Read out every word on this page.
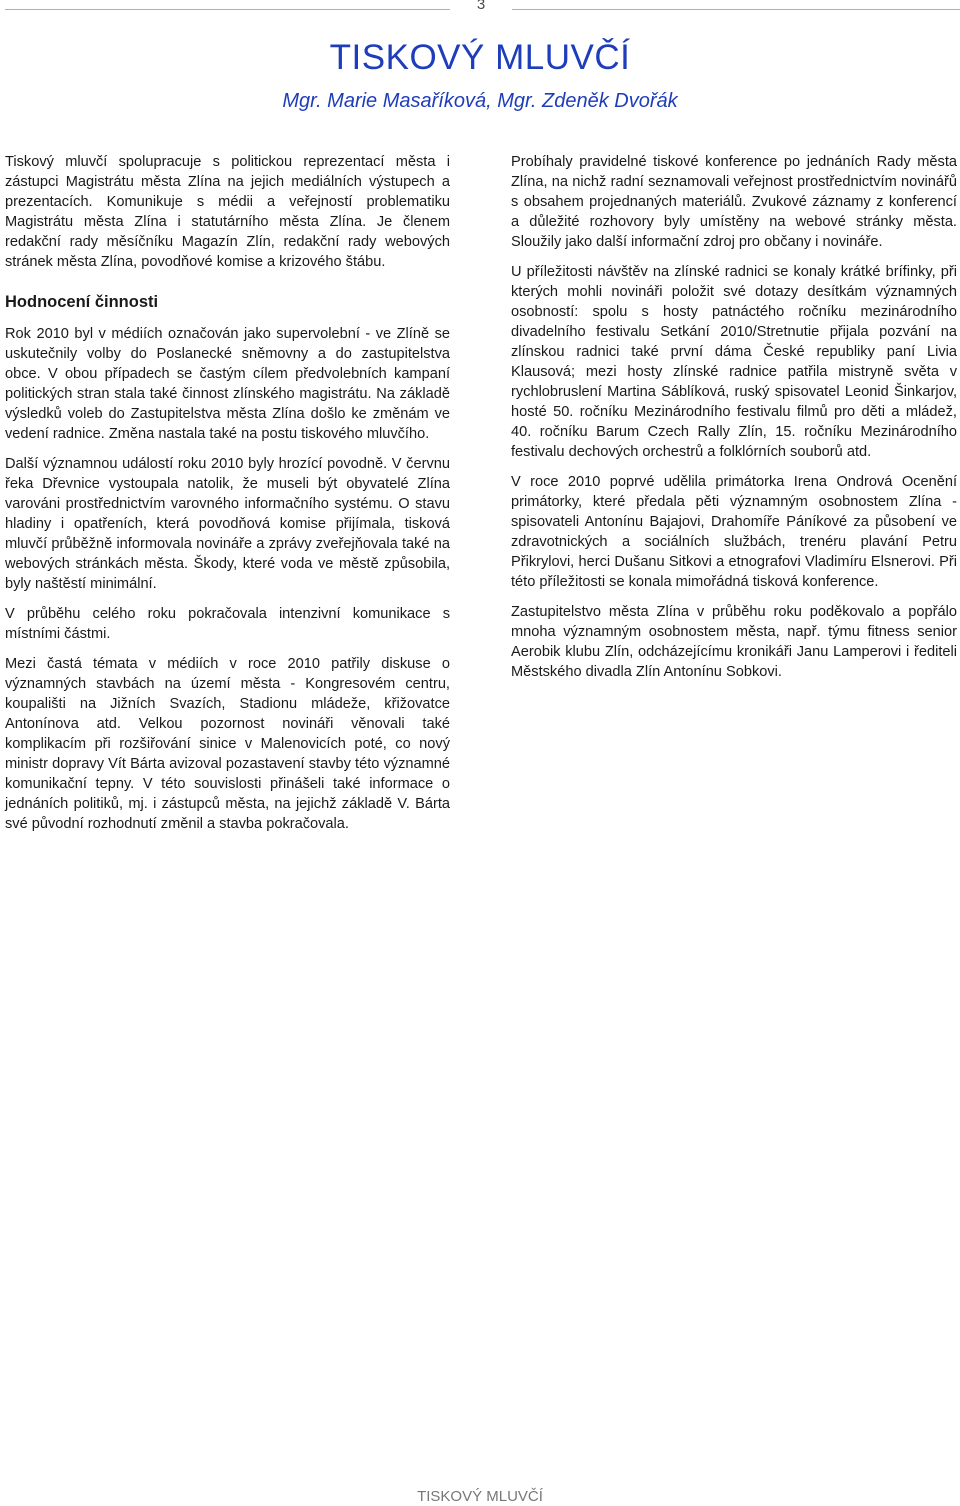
3
TISKOVÝ MLUVČÍ
Mgr. Marie Masaříková, Mgr. Zdeněk Dvořák

Tiskový mluvčí spolupracuje s politickou reprezentací města i zástupci Magistrátu města Zlína na jejich mediálních výstupech a prezentacích. Komunikuje s médii a veřejností problematiku Magistrátu města Zlína i statutárního města Zlína. Je členem redakční rady měsíčníku Magazín Zlín, redakční rady webových stránek města Zlína, povodňové komise a krizového štábu.

Hodnocení činnosti

Rok 2010 byl v médiích označován jako supervolební - ve Zlíně se uskutečnily volby do Poslanecké sněmovny a do zastupitelstva obce. V obou případech se častým cílem předvolebních kampaní politických stran stala také činnost zlínského magistrátu. Na základě výsledků voleb do Zastupitelstva města Zlína došlo ke změnám ve vedení radnice. Změna nastala také na postu tiskového mluvčího.

Další významnou událostí roku 2010 byly hrozící povodně. V červnu řeka Dřevnice vystoupala natolik, že museli být obyvatelé Zlína varováni prostřednictvím varovného informačního systému. O stavu hladiny i opatřeních, která povodňová komise přijímala, tisková mluvčí průběžně informovala novináře a zprávy zveřejňovala také na webových stránkách města. Škody, které voda ve městě způsobila, byly naštěstí minimální.

V průběhu celého roku pokračovala intenzivní komunikace s místními částmi.

Mezi častá témata v médiích v roce 2010 patřily diskuse o významných stavbách na území města - Kongresovém centru, koupališti na Jižních Svazích, Stadionu mládeže, křižovatce Antonínova atd. Velkou pozornost novináři věnovali také komplikacím při rozšiřování sinice v Malenovicích poté, co nový ministr dopravy Vít Bárta avizoval pozastavení stavby této významné komunikační tepny. V této souvislosti přinášeli také informace o jednáních politiků, mj. i zástupců města, na jejichž základě V. Bárta své původní rozhodnutí změnil a stavba pokračovala.

Probíhaly pravidelné tiskové konference po jednáních Rady města Zlína, na nichž radní seznamovali veřejnost prostřednictvím novinářů s obsahem projednaných materiálů. Zvukové záznamy z konferencí a důležité rozhovory byly umístěny na webové stránky města. Sloužily jako další informační zdroj pro občany i novináře.

U příležitosti návštěv na zlínské radnici se konaly krátké brífinky, při kterých mohli novináři položit své dotazy desítkám významných osobností: spolu s hosty patnáctého ročníku mezinárodního divadelního festivalu Setkání 2010/Stretnutie přijala pozvání na zlínskou radnici také první dáma České republiky paní Livia Klausová; mezi hosty zlínské radnice patřila mistryně světa v rychlobruslení Martina Sáblíková, ruský spisovatel Leonid Šinkarjov, hosté 50. ročníku Mezinárodního festivalu filmů pro děti a mládež, 40. ročníku Barum Czech Rally Zlín, 15. ročníku Mezinárodního festivalu dechových orchestrů a folklórních souborů atd.

V roce 2010 poprvé udělila primátorka Irena Ondrová Ocenění primátorky, které předala pěti významným osobnostem Zlína - spisovateli Antonínu Bajajovi, Drahomíře Páníkové za působení ve zdravotnických a sociálních službách, trenéru plavání Petru Přikrylovi, herci Dušanu Sitkovi a etnografovi Vladimíru Elsnerovi. Při této příležitosti se konala mimořádná tisková konference.

Zastupitelstvo města Zlína v průběhu roku poděkovalo a popřálo mnoha významným osobnostem města, např. týmu fitness senior Aerobik klubu Zlín, odcházejícímu kronikáři Janu Lamperovi i řediteli Městského divadla Zlín Antonínu Sobkovi.

TISKOVÝ MLUVČÍ
